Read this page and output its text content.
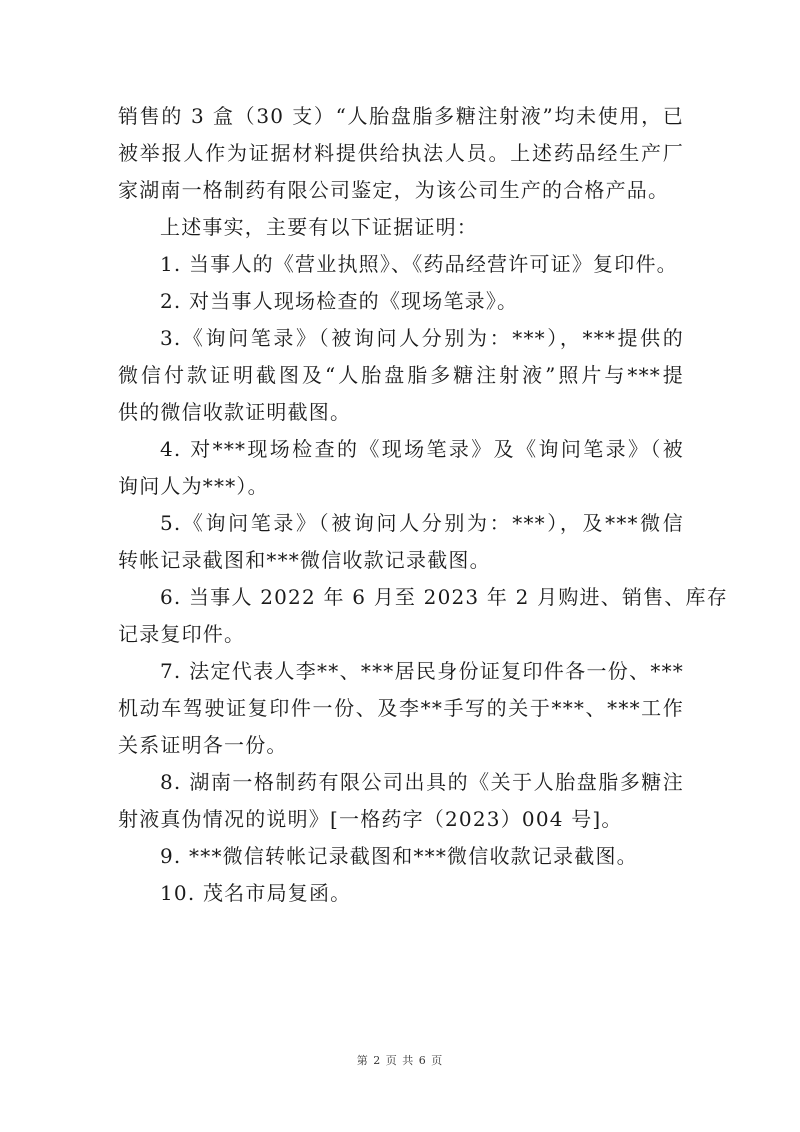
销售的 3 盒（30 支）“人胎盘脂多糖注射液”均未使用，已
被举报人作为证据材料提供给执法人员。上述药品经生产厂
家湖南一格制药有限公司鉴定，为该公司生产的合格产品。
上述事实，主要有以下证据证明：
1. 当事人的《营业执照》、《药品经营许可证》复印件。
2. 对当事人现场检查的《现场笔录》。
3.《询问笔录》（被询问人分别为：***），***提供的
微信付款证明截图及“人胎盘脂多糖注射液”照片与***提
供的微信收款证明截图。
4. 对***现场检查的《现场笔录》及《询问笔录》（被
询问人为***）。
5.《询问笔录》（被询问人分别为：***），及***微信
转帐记录截图和***微信收款记录截图。
6. 当事人 2022 年 6 月至 2023 年 2 月购进、销售、库存
记录复印件。
7. 法定代表人李**、***居民身份证复印件各一份、***
机动车驾驶证复印件一份、及李**手写的关于***、***工作
关系证明各一份。
8. 湖南一格制药有限公司出具的《关于人胎盘脂多糖注
射液真伪情况的说明》[一格药字（2023）004 号]。
9. ***微信转帐记录截图和***微信收款记录截图。
10. 茂名市局复函。
第 2 页 共 6 页
